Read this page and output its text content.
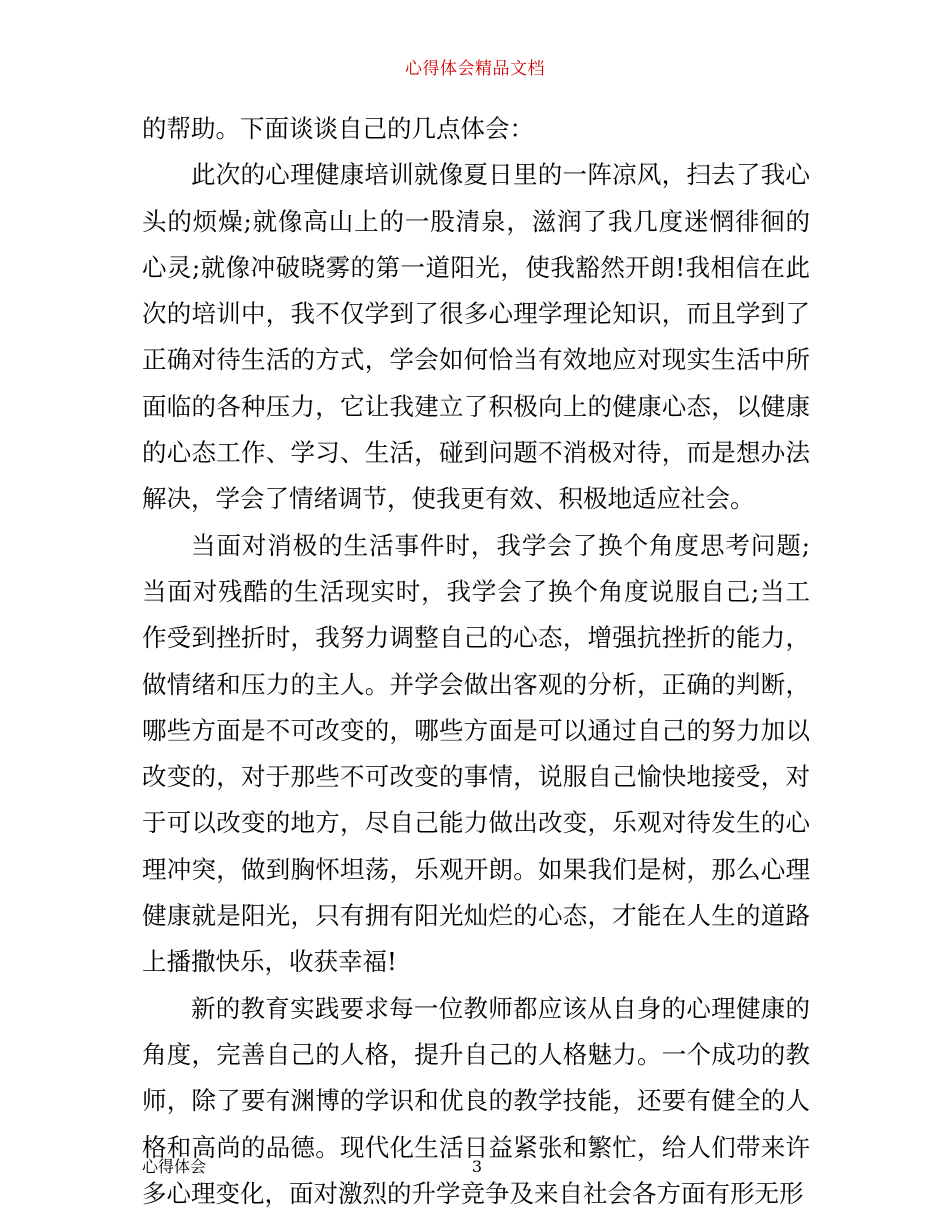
心得体会精品文档

的帮助。下面谈谈自己的几点体会：

此次的心理健康培训就像夏日里的一阵凉风，扫去了我心头的烦燥;就像高山上的一股清泉，滋润了我几度迷惘徘徊的心灵;就像冲破晓雾的第一道阳光，使我豁然开朗!我相信在此次的培训中，我不仅学到了很多心理学理论知识，而且学到了正确对待生活的方式，学会如何恰当有效地应对现实生活中所面临的各种压力，它让我建立了积极向上的健康心态，以健康的心态工作、学习、生活，碰到问题不消极对待，而是想办法解决，学会了情绪调节，使我更有效、积极地适应社会。

当面对消极的生活事件时，我学会了换个角度思考问题;当面对残酷的生活现实时，我学会了换个角度说服自己;当工作受到挫折时，我努力调整自己的心态，增强抗挫折的能力，做情绪和压力的主人。并学会做出客观的分析，正确的判断，哪些方面是不可改变的，哪些方面是可以通过自己的努力加以改变的，对于那些不可改变的事情，说服自己愉快地接受，对于可以改变的地方，尽自己能力做出改变，乐观对待发生的心理冲突，做到胸怀坦荡，乐观开朗。如果我们是树，那么心理健康就是阳光，只有拥有阳光灿烂的心态，才能在人生的道路上播撒快乐，收获幸福!

新的教育实践要求每一位教师都应该从自身的心理健康的角度，完善自己的人格，提升自己的人格魅力。一个成功的教师，除了要有渊博的学识和优良的教学技能，还要有健全的人格和高尚的品德。现代化生活日益紧张和繁忙，给人们带来许多心理变化，面对激烈的升学竞争及来自社会各方面有形无形

心得体会	3
